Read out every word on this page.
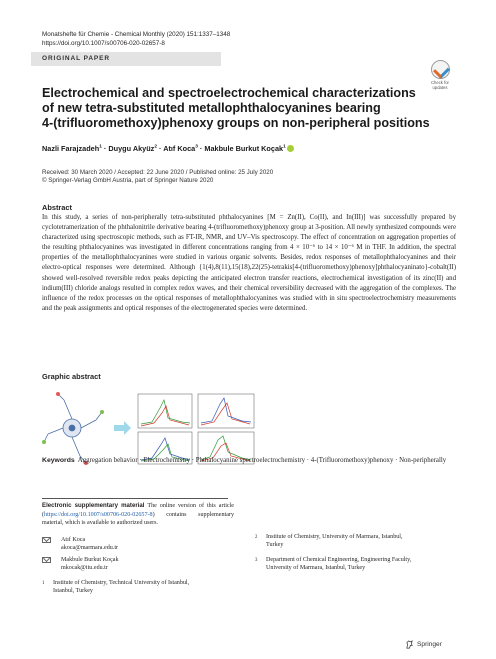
Monatshefte für Chemie - Chemical Monthly (2020) 151:1337–1348
https://doi.org/10.1007/s00706-020-02657-8
ORIGINAL PAPER
Check for
updates
Electrochemical and spectroelectrochemical characterizations
of new tetra-substituted metallophthalocyanines bearing
4-(trifluoromethoxy)phenoxy groups on non-peripheral positions
Nazli Farajzadeh$^1$ · Duygu Akyüz$^2$ · Atıf Koca$^3$ · Makbule Burkut Koçak$^1$
Received: 30 March 2020 / Accepted: 22 June 2020 / Published online: 25 July 2020
© Springer-Verlag GmbH Austria, part of Springer Nature 2020
Abstract
In this study, a series of non-peripherally tetra-substituted phthalocyanines [M = Zn(II), Co(II), and In(III)] was successfully prepared by cyclotetramerization of the phthalonitrile derivative bearing 4-(trifluoromethoxy)phenoxy group at 3-position. All newly synthesized compounds were characterized using spectroscopic methods, such as FT-IR, NMR, and UV–Vis spectroscopy. The effect of concentration on aggregation properties of the resulting phthalocyanines was investigated in different concentrations ranging from 4 × 10⁻⁶ to 14 × 10⁻⁶ M in THF. In addition, the spectral properties of the metallophthalocyanines were studied in various organic solvents. Besides, redox responses of metallophthalocyanines and their electro-optical responses were determined. Although {1(4),8(11),15(18),22(25)-tetrakis[4-(trifluoromethoxy)phenoxy]phthalocyaninato}-cobalt(II) showed well-resolved reversible redox peaks depicting the anticipated electron transfer reactions, electrochemical investigation of its zinc(II) and indium(III) chloride analogs resulted in complex redox waves, and their chemical reversibility decreased with the aggregation of the complexes. The influence of the redox processes on the optical responses of metallophthalocyanines was studied with in situ spectroelectrochemistry measurements and the peak assignments and optical responses of the electrogenerated species were determined.
Graphic abstract
Keywords Aggregation behavior · Electrochemistry · Phthalocyanine spectroelectrochemistry · 4-(Trifluoromethoxy)phenoxy · Non-peripherally
Electronic supplementary material The online version of this article (https://doi.org/10.1007/s00706-020-02657-8) contains supplementary material, which is available to authorized users.
Atıf Koca
akoca@marmara.edu.tr
Makbule Burkut Koçak
mkocak@itu.edu.tr
1	Institute of Chemistry, Technical University of Istanbul,
Istanbul, Turkey
2	Institute of Chemistry, University of Marmara, Istanbul,
Turkey
3	Department of Chemical Engineering, Engineering Faculty,
University of Marmara, Istanbul, Turkey
Springer
